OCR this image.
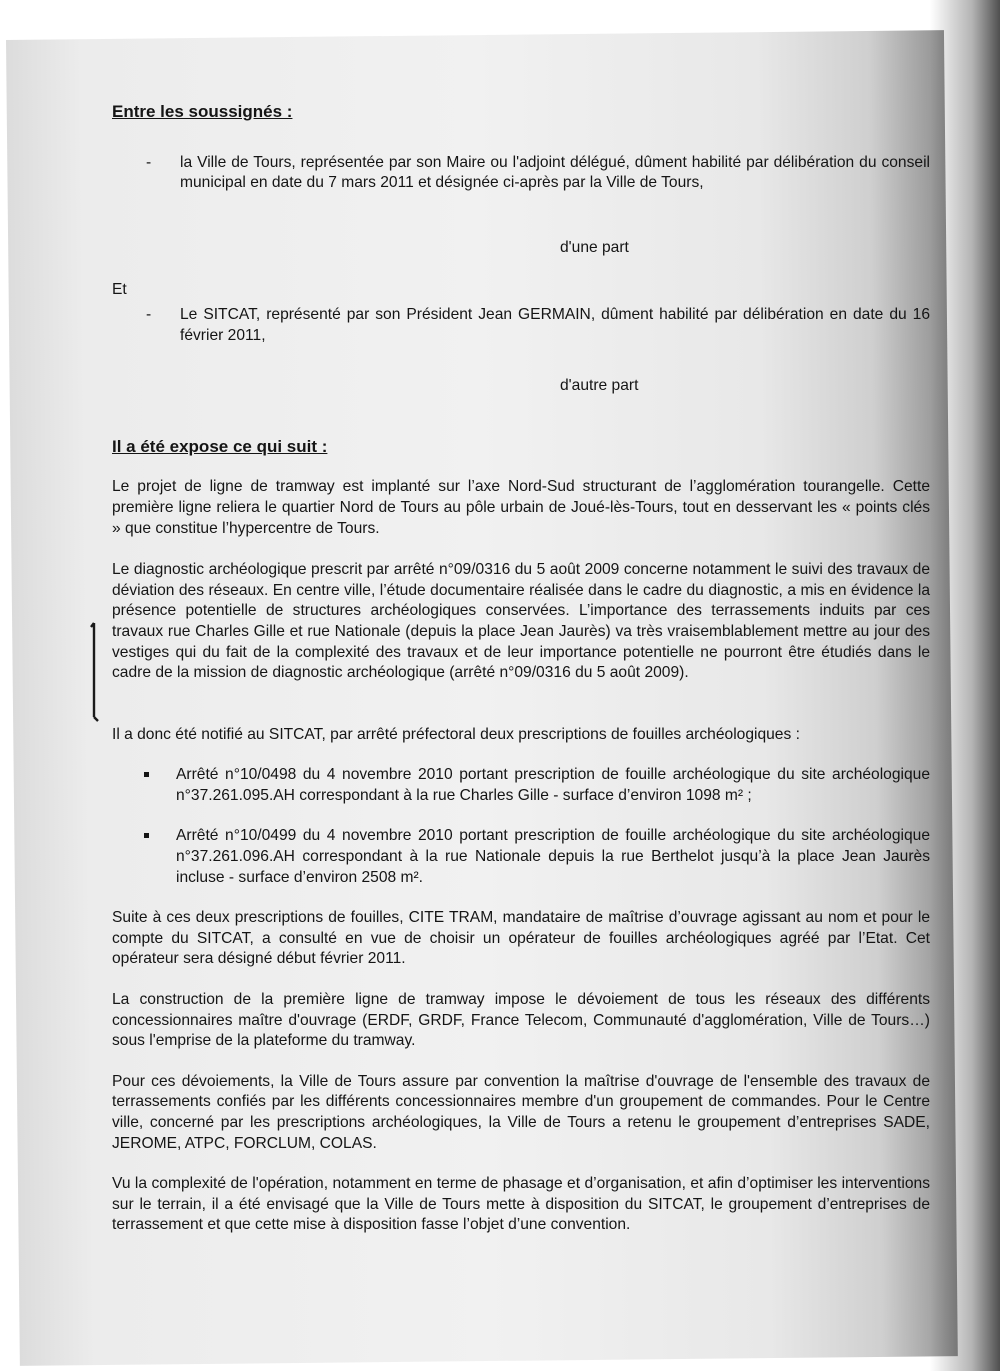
Entre les soussignés :
- la Ville de Tours, représentée par son Maire ou l'adjoint délégué, dûment habilité par délibération du conseil municipal en date du 7 mars 2011 et désignée ci-après par la Ville de Tours,
d'une part
Et
- Le SITCAT, représenté par son Président Jean GERMAIN, dûment habilité par délibération en date du 16 février 2011,
d'autre part
Il a été expose ce qui suit :

Le projet de ligne de tramway est implanté sur l’axe Nord-Sud structurant de l’agglomération tourangelle. Cette première ligne reliera le quartier Nord de Tours au pôle urbain de Joué-lès-Tours, tout en desservant les « points clés » que constitue l’hypercentre de Tours.

Le diagnostic archéologique prescrit par arrêté n°09/0316 du 5 août 2009 concerne notamment le suivi des travaux de déviation des réseaux. En centre ville, l’étude documentaire réalisée dans le cadre du diagnostic, a mis en évidence la présence potentielle de structures archéologiques conservées. L’importance des terrassements induits par ces travaux rue Charles Gille et rue Nationale (depuis la place Jean Jaurès) va très vraisemblablement mettre au jour des vestiges qui du fait de la complexité des travaux et de leur importance potentielle ne pourront être étudiés dans le cadre de la mission de diagnostic archéologique (arrêté n°09/0316 du 5 août 2009).

Il a donc été notifié au SITCAT, par arrêté préfectoral deux prescriptions de fouilles archéologiques :

Arrêté n°10/0498 du 4 novembre 2010 portant prescription de fouille archéologique du site archéologique n°37.261.095.AH correspondant à la rue Charles Gille - surface d’environ 1098 m² ;
Arrêté n°10/0499 du 4 novembre 2010 portant prescription de fouille archéologique du site archéologique n°37.261.096.AH correspondant à la rue Nationale depuis la rue Berthelot jusqu’à la place Jean Jaurès incluse - surface d’environ 2508 m².

Suite à ces deux prescriptions de fouilles, CITE TRAM, mandataire de maîtrise d’ouvrage agissant au nom et pour le compte du SITCAT, a consulté en vue de choisir un opérateur de fouilles archéologiques agréé par l’Etat. Cet opérateur sera désigné début février 2011.

La construction de la première ligne de tramway impose le dévoiement de tous les réseaux des différents concessionnaires maître d'ouvrage (ERDF, GRDF, France Telecom, Communauté d'agglomération, Ville de Tours…) sous l'emprise de la plateforme du tramway.

Pour ces dévoiements, la Ville de Tours assure par convention la maîtrise d'ouvrage de l'ensemble des travaux de terrassements confiés par les différents concessionnaires membre d'un groupement de commandes. Pour le Centre ville, concerné par les prescriptions archéologiques, la Ville de Tours a retenu le groupement d’entreprises SADE, JEROME, ATPC, FORCLUM, COLAS.

Vu la complexité de l'opération, notamment en terme de phasage et d’organisation, et afin d’optimiser les interventions sur le terrain, il a été envisagé que la Ville de Tours mette à disposition du SITCAT, le groupement d’entreprises de terrassement et que cette mise à disposition fasse l’objet d’une convention.
